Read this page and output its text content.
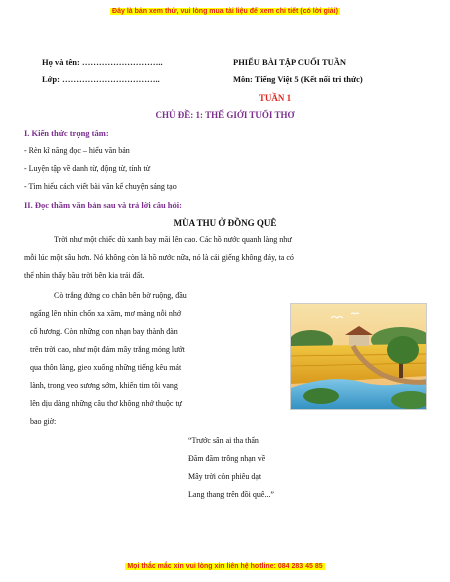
Đây là bản xem thử, vui lòng mua tài liệu để xem chi tiết (có lời giải)
Họ và tên: ………………………..	PHIẾU BÀI TẬP CUỐI TUẦN
Lớp: ……………………………..	Môn: Tiếng Việt 5 (Kết nối tri thức)
TUẦN 1
CHỦ ĐỀ: 1: THẾ GIỚI TUỔI THƠ
I. Kiến thức trọng tâm:
- Rèn kĩ năng đọc – hiểu văn bản
- Luyện tập về danh từ, động từ, tính từ
- Tìm hiểu cách viết bài văn kể chuyện sáng tạo
II. Đọc thầm văn bản sau và trả lời câu hỏi:
MÙA THU Ở ĐỒNG QUÊ
Trời như một chiếc dù xanh bay mãi lên cao. Các hồ nước quanh làng như
mỗi lúc một sâu hơn. Nó không còn là hồ nước nữa, nó là cái giếng không đáy, ta có
thể nhìn thấy bầu trời bên kia trái đất.
Cò trắng đứng co chân bên bờ ruộng, đầu
ngẩng lên nhìn chốn xa xăm, mơ màng nỗi nhớ
cố hương. Còn những con nhạn bay thành đàn
trên trời cao, như một đám mây trắng mỏng lướt
qua thôn làng, gieo xuống những tiếng kêu mát
lành, trong veo sương sớm, khiến tim tôi vang
lên dịu dàng những câu thơ không nhớ thuộc tự
bao giờ:
“Trước sân ai tha thẩn
Đăm đăm trông nhạn về
Mây trời còn phiêu dạt
Lang thang trên đồi quê...”
Mọi thắc mắc xin vui lòng xin liên hệ hotline: 084 283 45 85
